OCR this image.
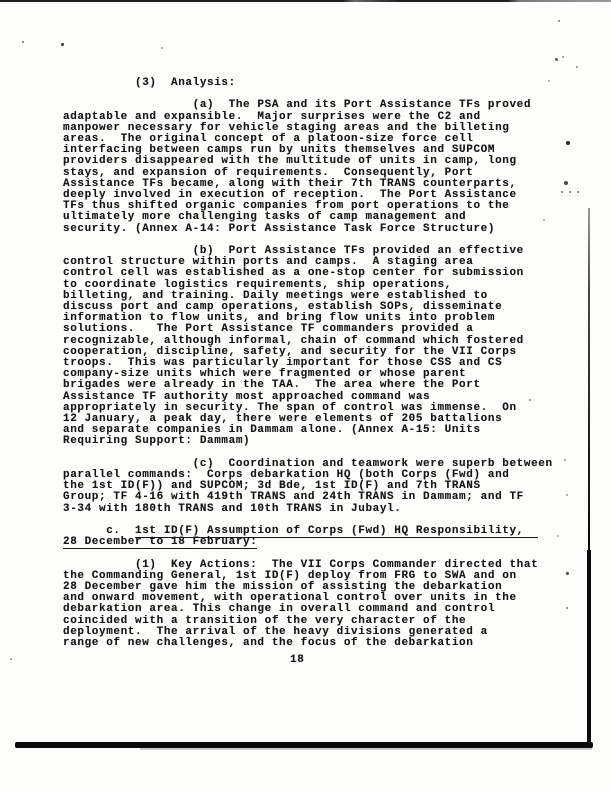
(3)  Analysis:
(a)  The PSA and its Port Assistance TFs proved
adaptable and expansible.  Major surprises were the C2 and
manpower necessary for vehicle staging areas and the billeting
areas.  The original concept of a platoon-size force cell
interfacing between camps run by units themselves and SUPCOM
providers disappeared with the multitude of units in camp, long
stays, and expansion of requirements.  Consequently, Port
Assistance TFs became, along with their 7th TRANS counterparts,
deeply involved in execution of reception.  The Port Assistance
TFs thus shifted organic companies from port operations to the
ultimately more challenging tasks of camp management and
security. (Annex A-14: Port Assistance Task Force Structure)
(b)  Port Assistance TFs provided an effective
control structure within ports and camps.  A staging area
control cell was established as a one-stop center for submission
to coordinate logistics requirements, ship operations,
billeting, and training. Daily meetings were established to
discuss port and camp operations, establish SOPs, disseminate
information to flow units, and bring flow units into problem
solutions.   The Port Assistance TF commanders provided a
recognizable, although informal, chain of command which fostered
cooperation, discipline, safety, and security for the VII Corps
troops.  This was particularly important for those CSS and CS
company-size units which were fragmented or whose parent
brigades were already in the TAA.  The area where the Port
Assistance TF authority most approached command was
appropriately in security. The span of control was immense.  On
12 January, a peak day, there were elements of 205 battalions
and separate companies in Dammam alone. (Annex A-15: Units
Requiring Support: Dammam)
(c)  Coordination and teamwork were superb between
parallel commands:  Corps debarkation HQ (both Corps (Fwd) and
the 1st ID(F)) and SUPCOM; 3d Bde, 1st ID(F) and 7th TRANS
Group; TF 4-16 with 419th TRANS and 24th TRANS in Dammam; and TF
3-34 with 180th TRANS and 10th TRANS in Jubayl.
c.  1st ID(F) Assumption of Corps (Fwd) HQ Responsibility,
28 December to 18 February:
(1)  Key Actions:  The VII Corps Commander directed that
the Commanding General, 1st ID(F) deploy from FRG to SWA and on
28 December gave him the mission of assisting the debarkation
and onward movement, with operational control over units in the
debarkation area. This change in overall command and control
coincided with a transition of the very character of the
deployment.  The arrival of the heavy divisions generated a
range of new challenges, and the focus of the debarkation
18
